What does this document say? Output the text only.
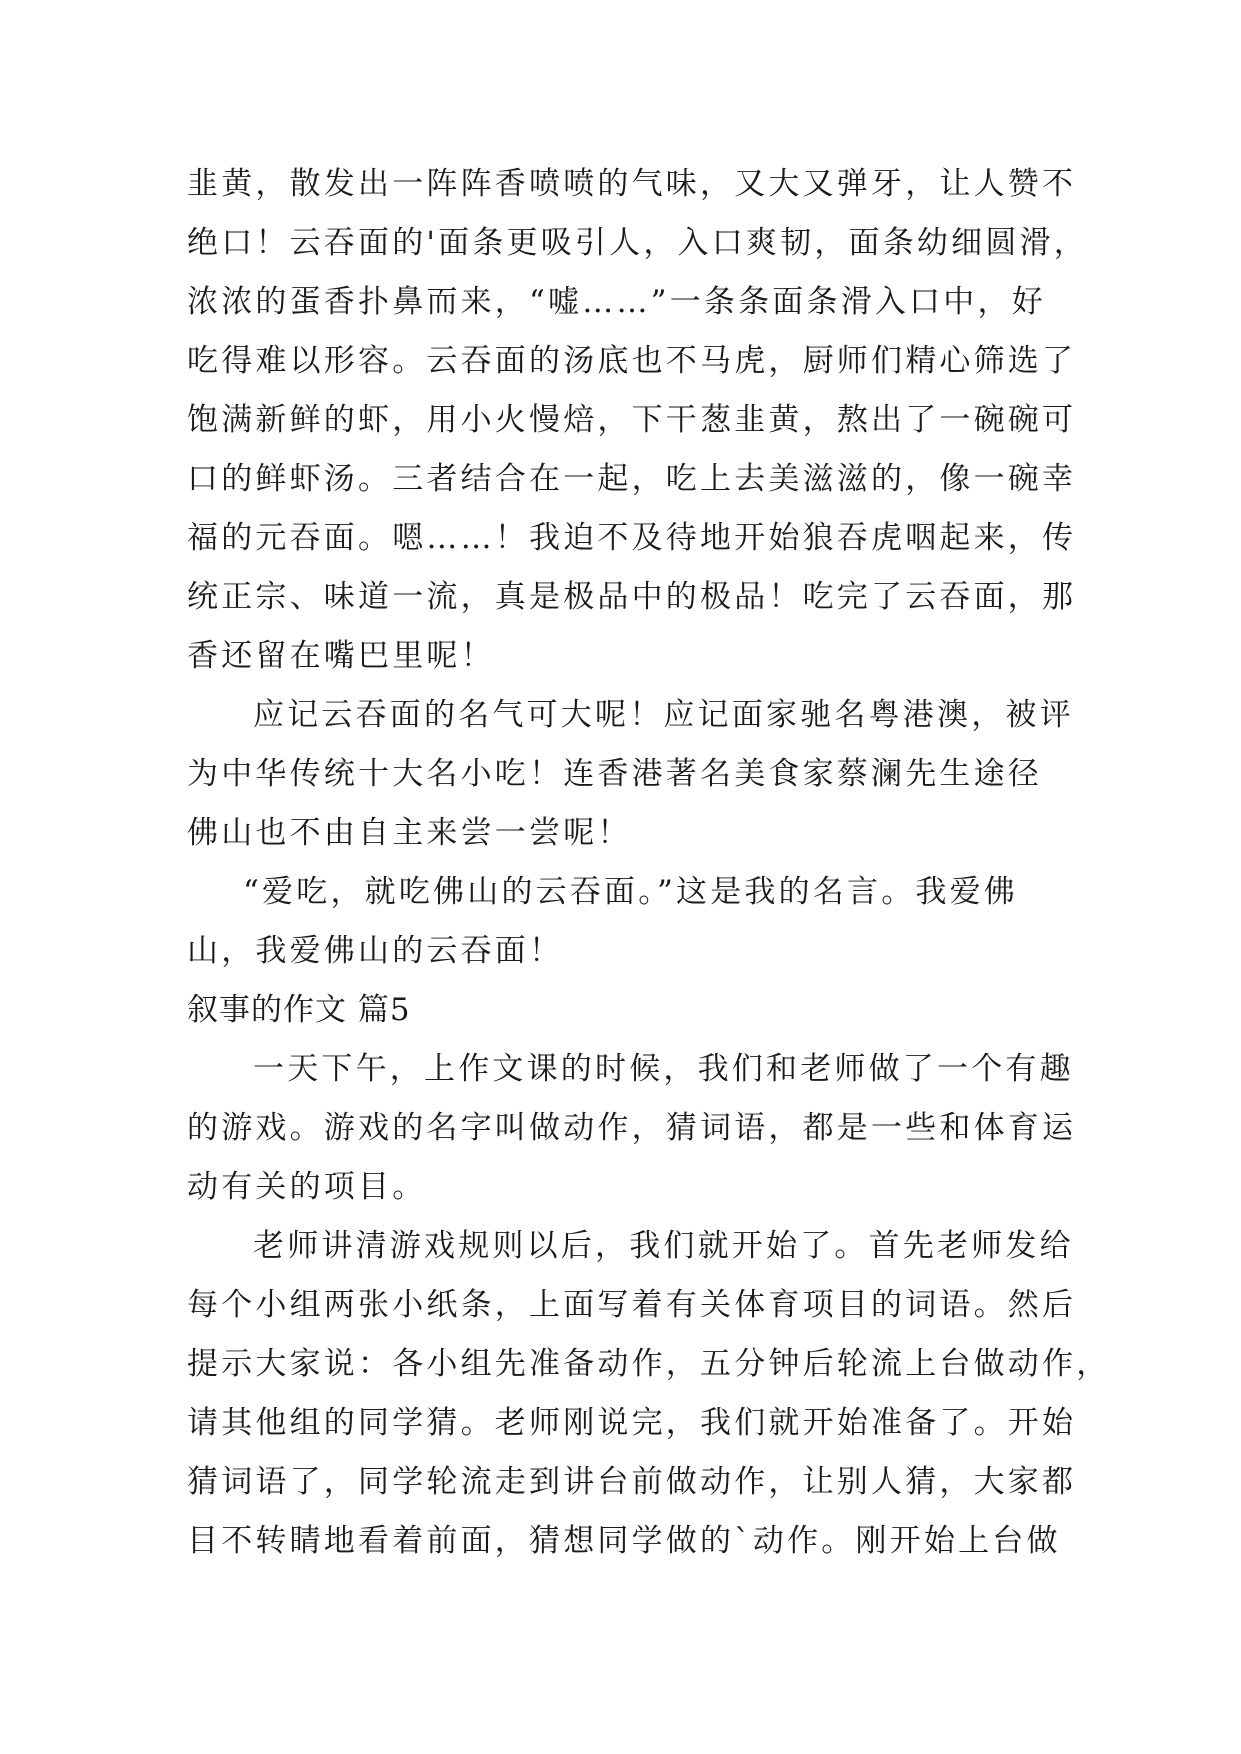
韭黄，散发出一阵阵香喷喷的气味，又大又弹牙，让人赞不
绝口！云吞面的'面条更吸引人，入口爽韧，面条幼细圆滑，
浓浓的蛋香扑鼻而来，“嘘……”一条条面条滑入口中，好
吃得难以形容。云吞面的汤底也不马虎，厨师们精心筛选了
饱满新鲜的虾，用小火慢焙，下干葱韭黄，熬出了一碗碗可
口的鲜虾汤。三者结合在一起，吃上去美滋滋的，像一碗幸
福的元吞面。嗯……！我迫不及待地开始狼吞虎咽起来，传
统正宗、味道一流，真是极品中的极品！吃完了云吞面，那
香还留在嘴巴里呢！
应记云吞面的名气可大呢！应记面家驰名粤港澳，被评
为中华传统十大名小吃！连香港著名美食家蔡澜先生途径
佛山也不由自主来尝一尝呢！
“爱吃，就吃佛山的云吞面。”这是我的名言。我爱佛
山，我爱佛山的云吞面！
叙事的作文 篇5
一天下午，上作文课的时候，我们和老师做了一个有趣
的游戏。游戏的名字叫做动作，猜词语，都是一些和体育运
动有关的项目。
老师讲清游戏规则以后，我们就开始了。首先老师发给
每个小组两张小纸条，上面写着有关体育项目的词语。然后
提示大家说：各小组先准备动作，五分钟后轮流上台做动作，
请其他组的同学猜。老师刚说完，我们就开始准备了。开始
猜词语了，同学轮流走到讲台前做动作，让别人猜，大家都
目不转睛地看着前面，猜想同学做的`动作。刚开始上台做
